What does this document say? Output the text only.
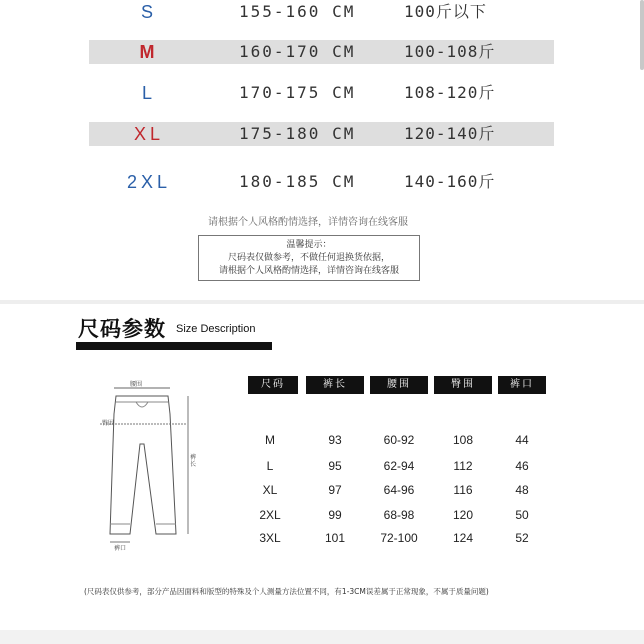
S	155-160 CM	100斤以下
M	160-170 CM	100-108斤
L	170-175 CM	108-120斤
XL	175-180 CM	120-140斤
2XL	180-185 CM	140-160斤
请根据个人风格酌情选择，详情咨询在线客服
温馨提示：
尺码表仅做参考，不做任何退换货依据，
请根据个人风格酌情选择，详情咨询在线客服
尺码参数 Size Description
腰围
臀围
裤长
裤口
尺码	裤长	腰围	臀围	裤口
M	93	60-92	108	44
L	95	62-94	112	46
XL	97	64-96	116	48
2XL	99	68-98	120	50
3XL	101	72-100	124	52
(尺码表仅供参考，部分产品因面料和版型的特殊及个人测量方法位置不同，有1-3CM误差属于正常现象，不属于质量问题)
